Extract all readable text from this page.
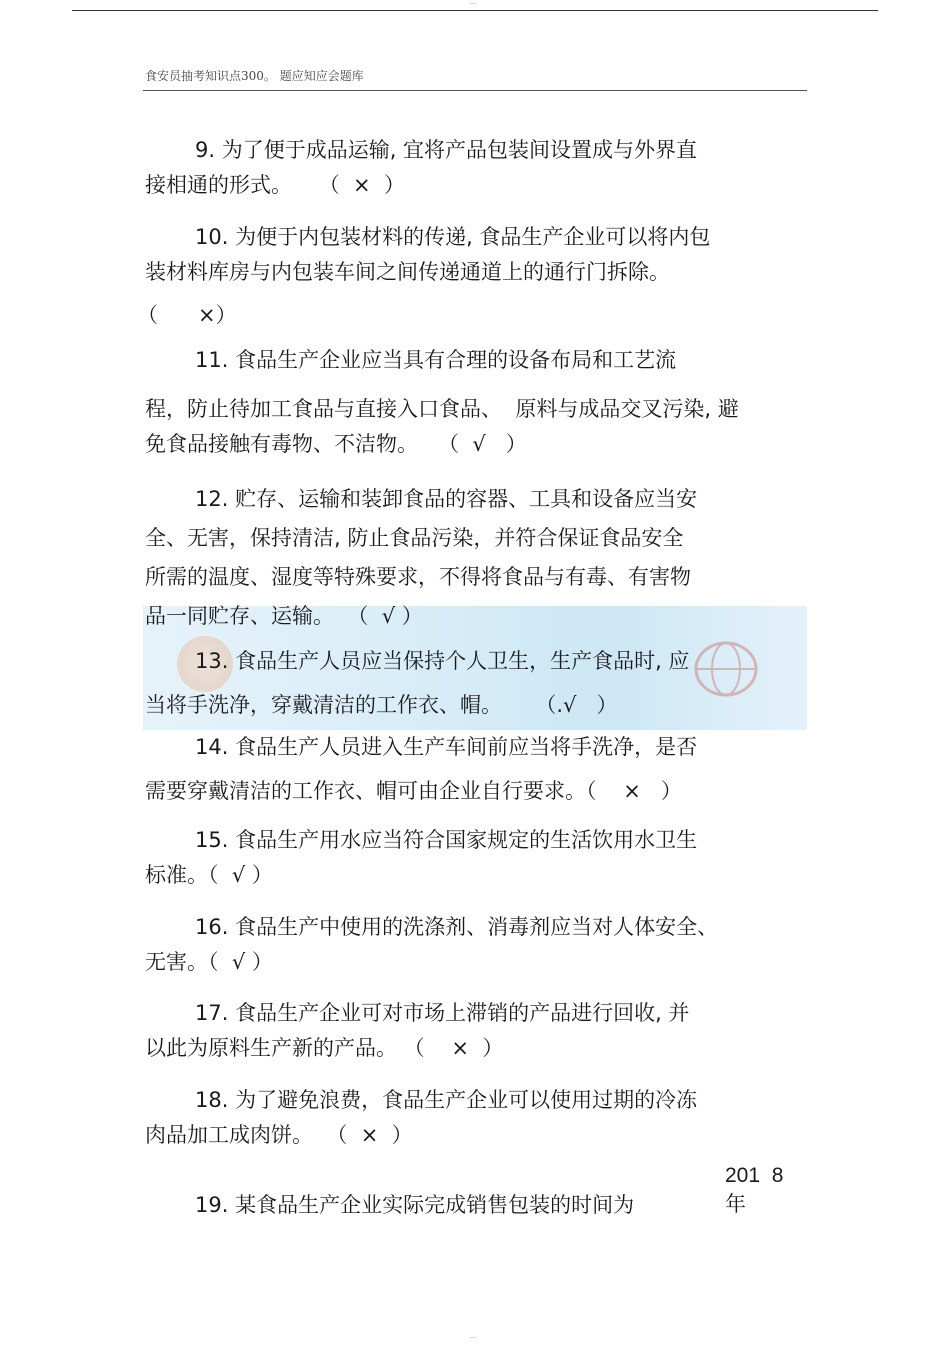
---
食安员抽考知识点300。 题应知应会题库
9. 为了便于成品运输, 宜将产品包装间设置成与外界直
接相通的形式。    （  ×  ）
10. 为便于内包装材料的传递, 食品生产企业可以将内包
装材料库房与内包装车间之间传递通道上的通行门拆除。
（      ×）
11. 食品生产企业应当具有合理的设备布局和工艺流
程，防止待加工食品与直接入口食品、  原料与成品交叉污染, 避
免食品接触有毒物、不洁物。   （  √   ）
12. 贮存、运输和装卸食品的容器、工具和设备应当安
全、无害，保持清洁, 防止食品污染，并符合保证食品安全
所需的温度、湿度等特殊要求，不得将食品与有毒、有害物
品一同贮存、运输。  （  √ ）
13. 食品生产人员应当保持个人卫生，生产食品时, 应
当将手洗净，穿戴清洁的工作衣、帽。     （.√   ）
14. 食品生产人员进入生产车间前应当将手洗净，是否
需要穿戴清洁的工作衣、帽可由企业自行要求。（    ×   ）
15. 食品生产用水应当符合国家规定的生活饮用水卫生
标准。（  √ ）
16. 食品生产中使用的洗涤剂、消毒剂应当对人体安全、
无害。（  √ ）
17. 食品生产企业可对市场上滞销的产品进行回收, 并
以此为原料生产新的产品。 （    ×  ）
18. 为了避免浪费，食品生产企业可以使用过期的冷冻
肉品加工成肉饼。  （  ×  ）
201  8
19. 某食品生产企业实际完成销售包装的时间为	年
---
